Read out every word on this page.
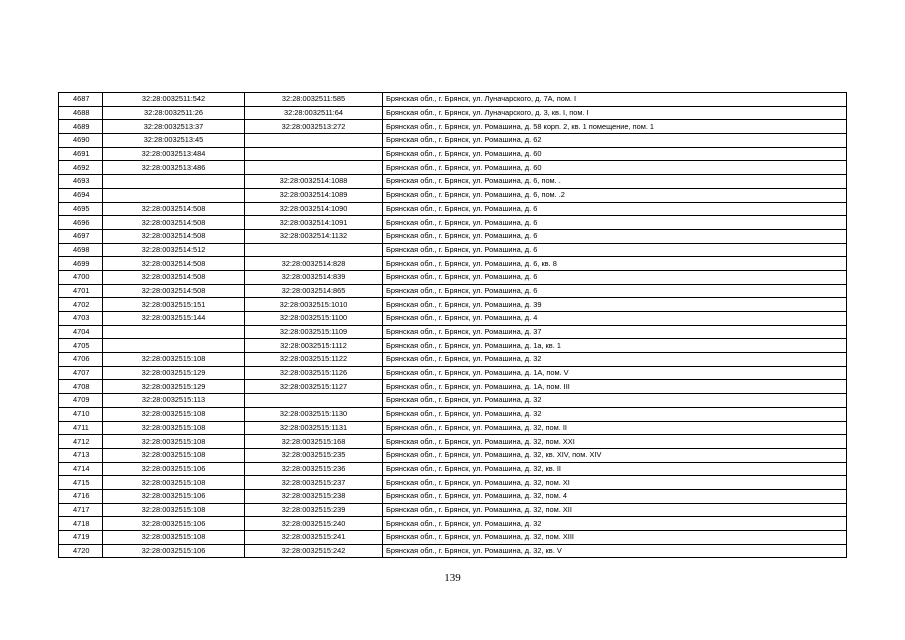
4687	32:28:0032511:542	32:28:0032511:585	Брянская обл., г. Брянск, ул. Луначарского, д. 7А, пом. I
4688	32:28:0032511:26	32:28:0032511:64	Брянская обл., г. Брянск, ул. Луначарского, д. 3, кв. I, пом. I
4689	32:28:0032513:37	32:28:0032513:272	Брянская обл., г. Брянск, ул. Ромашина, д. 58 корп. 2, кв. 1 помещение, пом. 1
4690	32:28:0032513:45		Брянская обл., г. Брянск, ул. Ромашина, д. 62
4691	32:28:0032513:484		Брянская обл., г. Брянск, ул. Ромашина, д. 60
4692	32:28:0032513:486		Брянская обл., г. Брянск, ул. Ромашина, д. 60
4693		32:28:0032514:1088	Брянская обл., г. Брянск, ул. Ромашина, д. 6, пом. .
4694		32:28:0032514:1089	Брянская обл., г. Брянск, ул. Ромашина, д. 6, пом. .2
4695	32:28:0032514:508	32:28:0032514:1090	Брянская обл., г. Брянск, ул. Ромашина, д. 6
4696	32:28:0032514:508	32:28:0032514:1091	Брянская обл., г. Брянск, ул. Ромашина, д. 6
4697	32:28:0032514:508	32:28:0032514:1132	Брянская обл., г. Брянск, ул. Ромашина, д. 6
4698	32:28:0032514:512		Брянская обл., г. Брянск, ул. Ромашина, д. 6
4699	32:28:0032514:508	32:28:0032514:828	Брянская обл., г. Брянск, ул. Ромашина, д. 6, кв. 8
4700	32:28:0032514:508	32:28:0032514:839	Брянская обл., г. Брянск, ул. Ромашина, д. 6
4701	32:28:0032514:508	32:28:0032514:865	Брянская обл., г. Брянск, ул. Ромашина, д. 6
4702	32:28:0032515:151	32:28:0032515:1010	Брянская обл., г. Брянск, ул. Ромашина, д. 39
4703	32:28:0032515:144	32:28:0032515:1100	Брянская обл., г. Брянск, ул. Ромашина, д. 4
4704		32:28:0032515:1109	Брянская обл., г. Брянск, ул. Ромашина, д. 37
4705		32:28:0032515:1112	Брянская обл., г. Брянск, ул. Ромашина, д. 1а, кв. 1
4706	32:28:0032515:108	32:28:0032515:1122	Брянская обл., г. Брянск, ул. Ромашина, д. 32
4707	32:28:0032515:129	32:28:0032515:1126	Брянская обл., г. Брянск, ул. Ромашина, д. 1А, пом. V
4708	32:28:0032515:129	32:28:0032515:1127	Брянская обл., г. Брянск, ул. Ромашина, д. 1А, пом. III
4709	32:28:0032515:113		Брянская обл., г. Брянск, ул. Ромашина, д. 32
4710	32:28:0032515:108	32:28:0032515:1130	Брянская обл., г. Брянск, ул. Ромашина, д. 32
4711	32:28:0032515:108	32:28:0032515:1131	Брянская обл., г. Брянск, ул. Ромашина, д. 32, пом. II
4712	32:28:0032515:108	32:28:0032515:168	Брянская обл., г. Брянск, ул. Ромашина, д. 32, пом. XXI
4713	32:28:0032515:108	32:28:0032515:235	Брянская обл., г. Брянск, ул. Ромашина, д. 32, кв. XIV, пом. XIV
4714	32:28:0032515:106	32:28:0032515:236	Брянская обл., г. Брянск, ул. Ромашина, д. 32, кв. II
4715	32:28:0032515:108	32:28:0032515:237	Брянская обл., г. Брянск, ул. Ромашина, д. 32, пом. XI
4716	32:28:0032515:106	32:28:0032515:238	Брянская обл., г. Брянск, ул. Ромашина, д. 32, пом. 4
4717	32:28:0032515:108	32:28:0032515:239	Брянская обл., г. Брянск, ул. Ромашина, д. 32, пом. XII
4718	32:28:0032515:106	32:28:0032515:240	Брянская обл., г. Брянск, ул. Ромашина, д. 32
4719	32:28:0032515:108	32:28:0032515:241	Брянская обл., г. Брянск, ул. Ромашина, д. 32, пом. XIII
4720	32:28:0032515:106	32:28:0032515:242	Брянская обл., г. Брянск, ул. Ромашина, д. 32, кв. V
139
